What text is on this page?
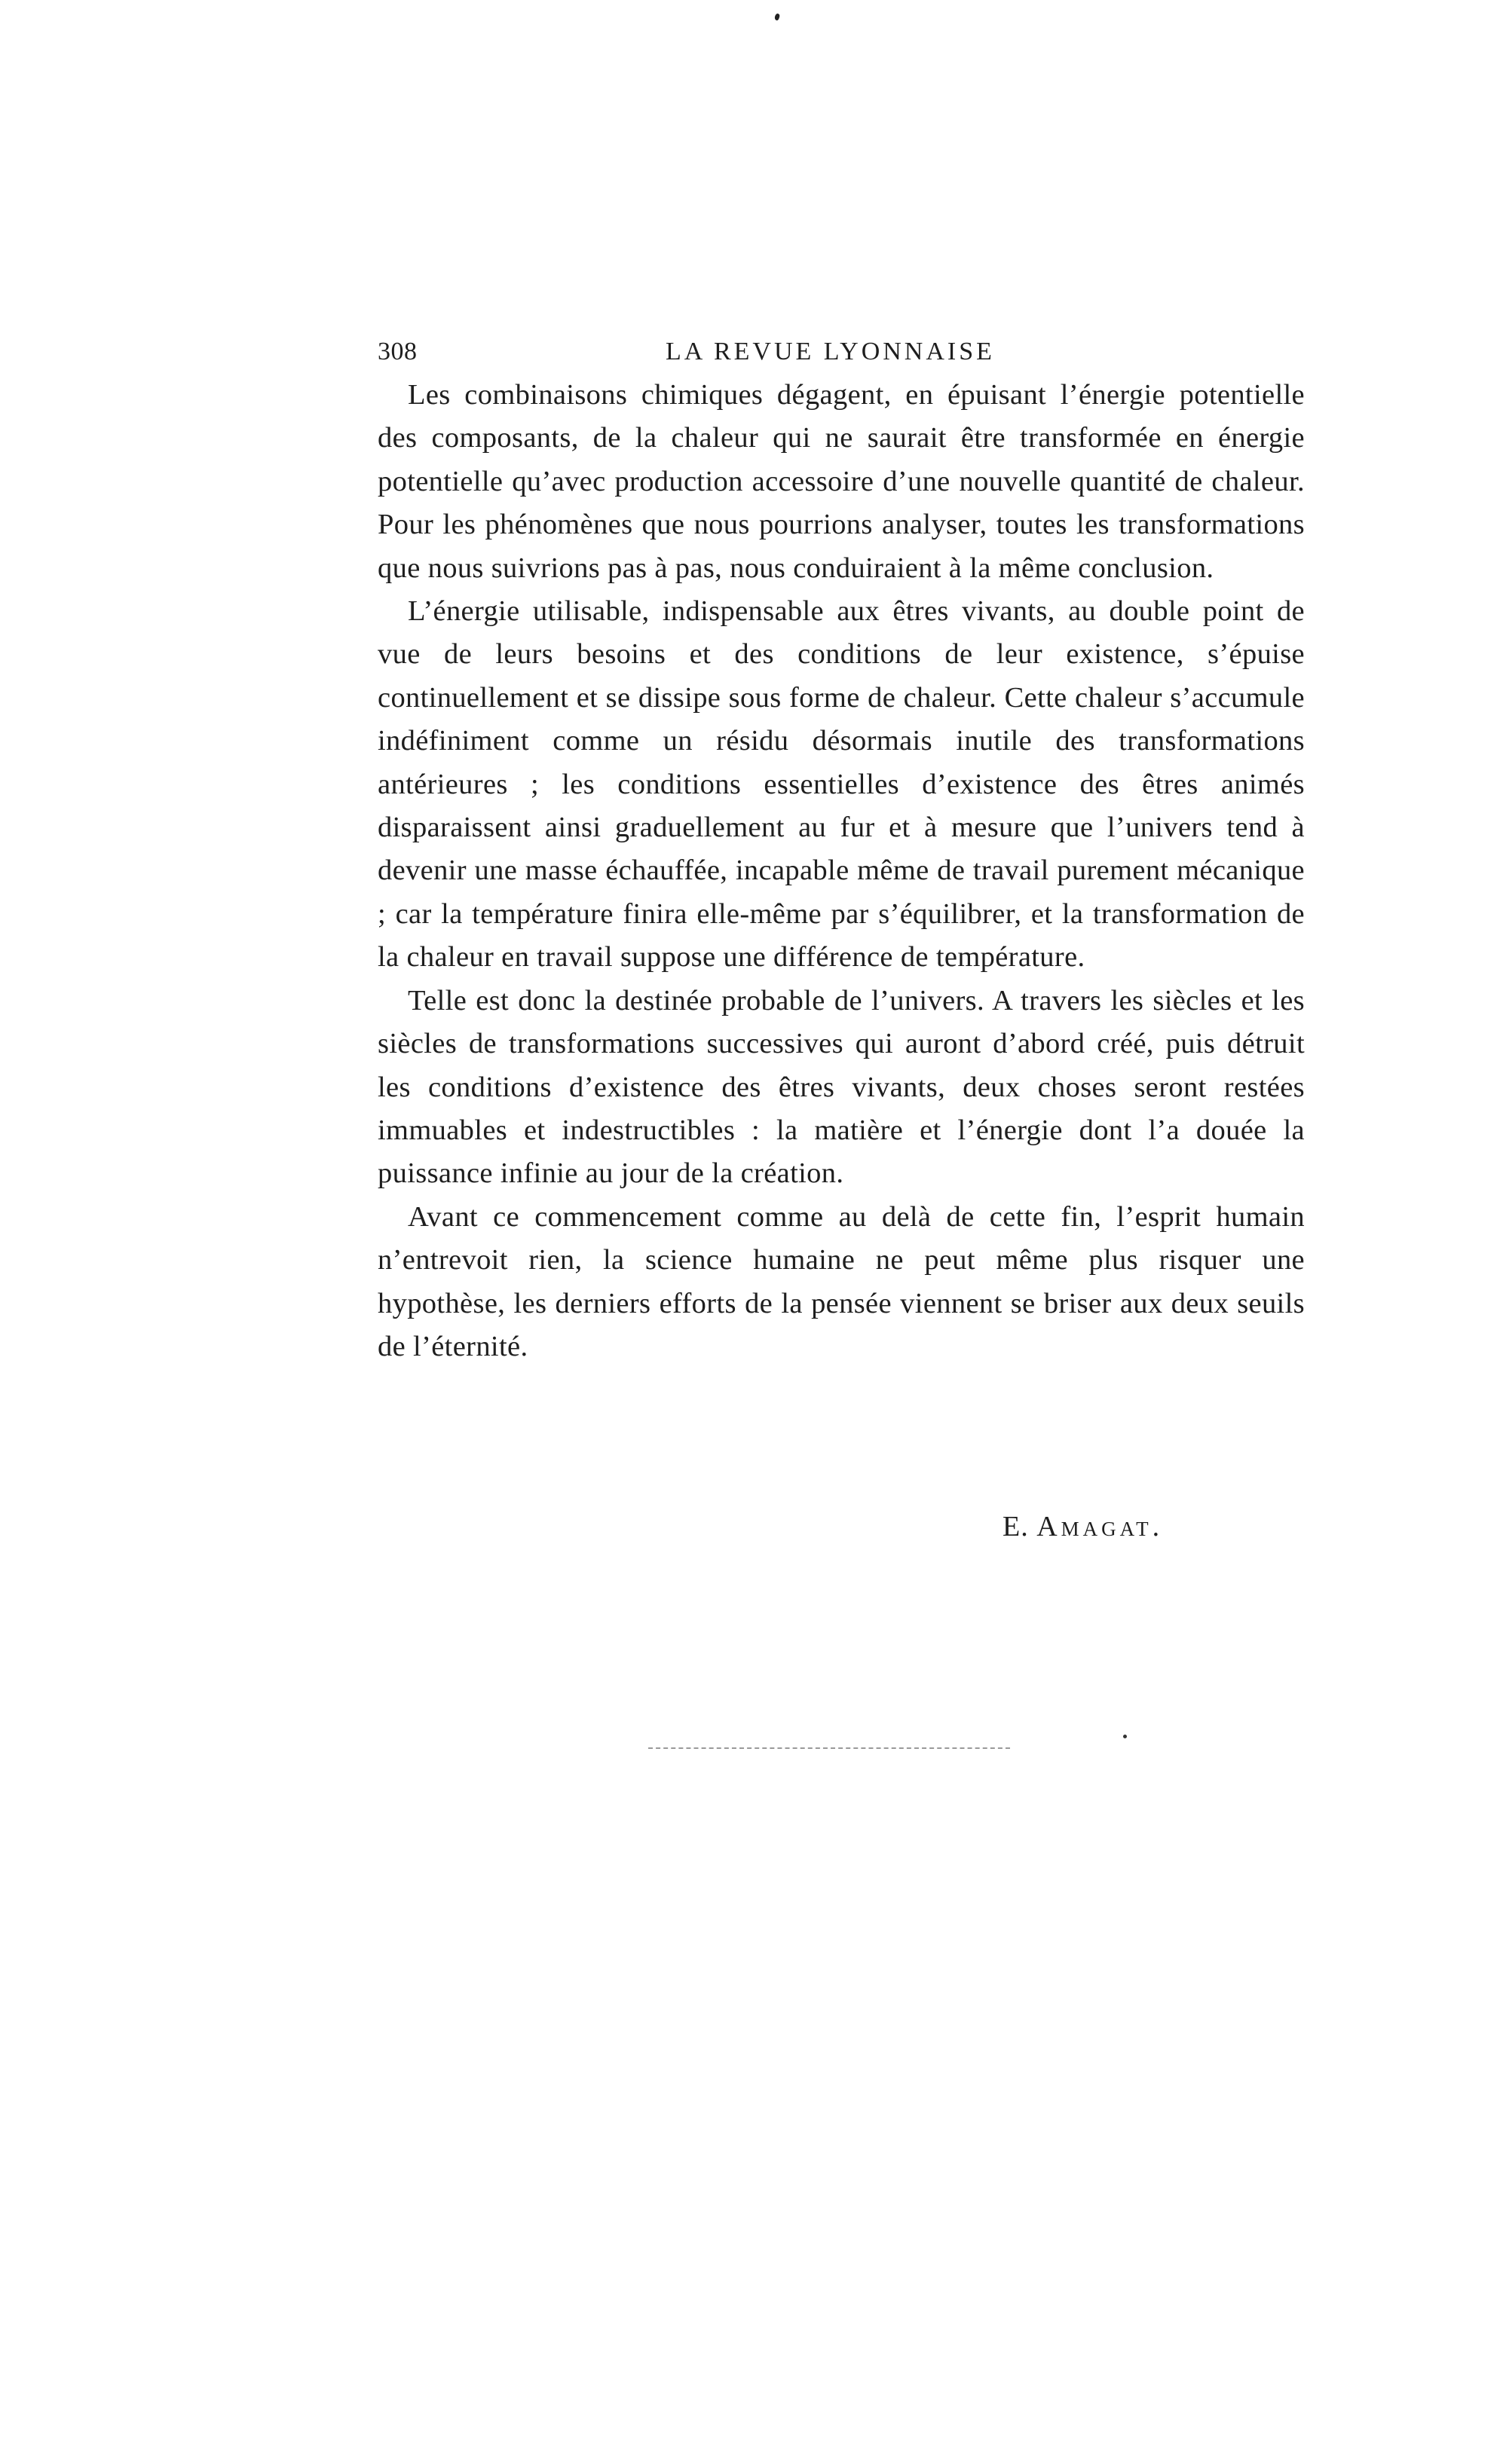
308	LA REVUE LYONNAISE

Les combinaisons chimiques dégagent, en épuisant l’énergie potentielle des composants, de la chaleur qui ne saurait être transformée en énergie potentielle qu’avec production accessoire d’une nouvelle quantité de chaleur. Pour les phénomènes que nous pourrions analyser, toutes les transformations que nous suivrions pas à pas, nous conduiraient à la même conclusion.

L’énergie utilisable, indispensable aux êtres vivants, au double point de vue de leurs besoins et des conditions de leur existence, s’épuise continuellement et se dissipe sous forme de chaleur. Cette chaleur s’accumule indéfiniment comme un résidu désormais inutile des transformations antérieures ; les conditions essentielles d’existence des êtres animés disparaissent ainsi graduellement au fur et à mesure que l’univers tend à devenir une masse échauffée, incapable même de travail purement mécanique ; car la température finira elle-même par s’équilibrer, et la transformation de la chaleur en travail suppose une différence de température.

Telle est donc la destinée probable de l’univers. A travers les siècles et les siècles de transformations successives qui auront d’abord créé, puis détruit les conditions d’existence des êtres vivants, deux choses seront restées immuables et indestructibles : la matière et l’énergie dont l’a douée la puissance infinie au jour de la création.

Avant ce commencement comme au delà de cette fin, l’esprit humain n’entrevoit rien, la science humaine ne peut même plus risquer une hypothèse, les derniers efforts de la pensée viennent se briser aux deux seuils de l’éternité.

E. Amagat.
